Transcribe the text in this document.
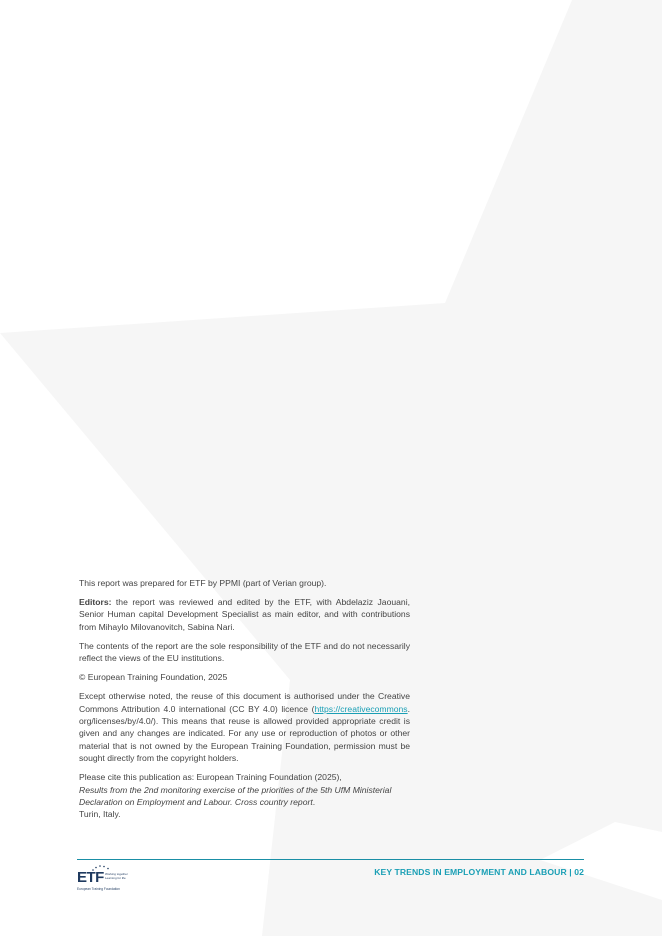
This report was prepared for ETF by PPMI (part of Verian group).

Editors: the report was reviewed and edited by the ETF, with Abdelaziz Jaouani, Senior Human capital Development Specialist as main editor, and with contributions from Mihaylo Milovanovitch, Sabina Nari.

The contents of the report are the sole responsibility of the ETF and do not necessarily reflect the views of the EU institutions.

© European Training Foundation, 2025

Except otherwise noted, the reuse of this document is authorised under the Creative Commons Attribution 4.0 international (CC BY 4.0) licence (https://creativecommons. org/licenses/by/4.0/). This means that reuse is allowed provided appropriate credit is given and any changes are indicated. For any use or reproduction of photos or other material that is not owned by the European Training Foundation, permission must be sought directly from the copyright holders.

Please cite this publication as: European Training Foundation (2025),
Results from the 2nd monitoring exercise of the priorities of the 5th UfM Ministerial Declaration on Employment and Labour. Cross country report.
Turin, Italy.

ETF Working together Learning for life
European Training Foundation
KEY TRENDS IN EMPLOYMENT AND LABOUR | 02
